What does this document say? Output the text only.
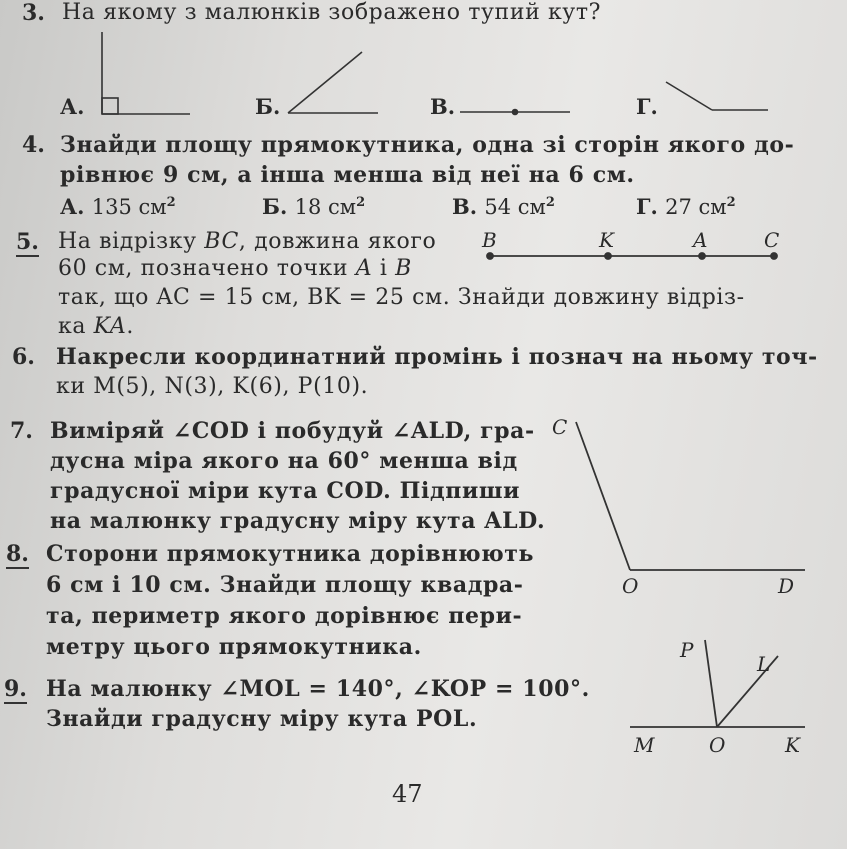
3. На якому з малюнків зображено тупий кут?
А.	Б.	В.	Г.
4. Знайди площу прямокутника, одна зі сторін якого до-
рівнює 9 см, а інша менша від неї на 6 см.
А. 135 $см^2$	Б. 18 $см^2$	В. 54 $см^2$	Г. 27 $см^2$
5. На відрізку BC, довжина якого
60 см, позначено точки A і B
так, що AC = 15 см, BK = 25 см. Знайди довжину відріз-
ка KA.
B	K	A	C
6. Накресли координатний промінь і познач на ньому точ-
ки M(5), N(3), K(6), P(10).
7. Виміряй ∠COD і побудуй ∠ALD, гра-
дусна міра якого на 60° менша від
градусної міри кута COD. Підпиши
на малюнку градусну міру кута ALD.
C
O	D
8. Сторони прямокутника дорівнюють
6 см і 10 см. Знайди площу квадра-
та, периметр якого дорівнює пери-
метру цього прямокутника.
9. На малюнку ∠MOL = 140°, ∠KOP = 100°.
Знайди градусну міру кута POL.
P
L
M	O	K
47
